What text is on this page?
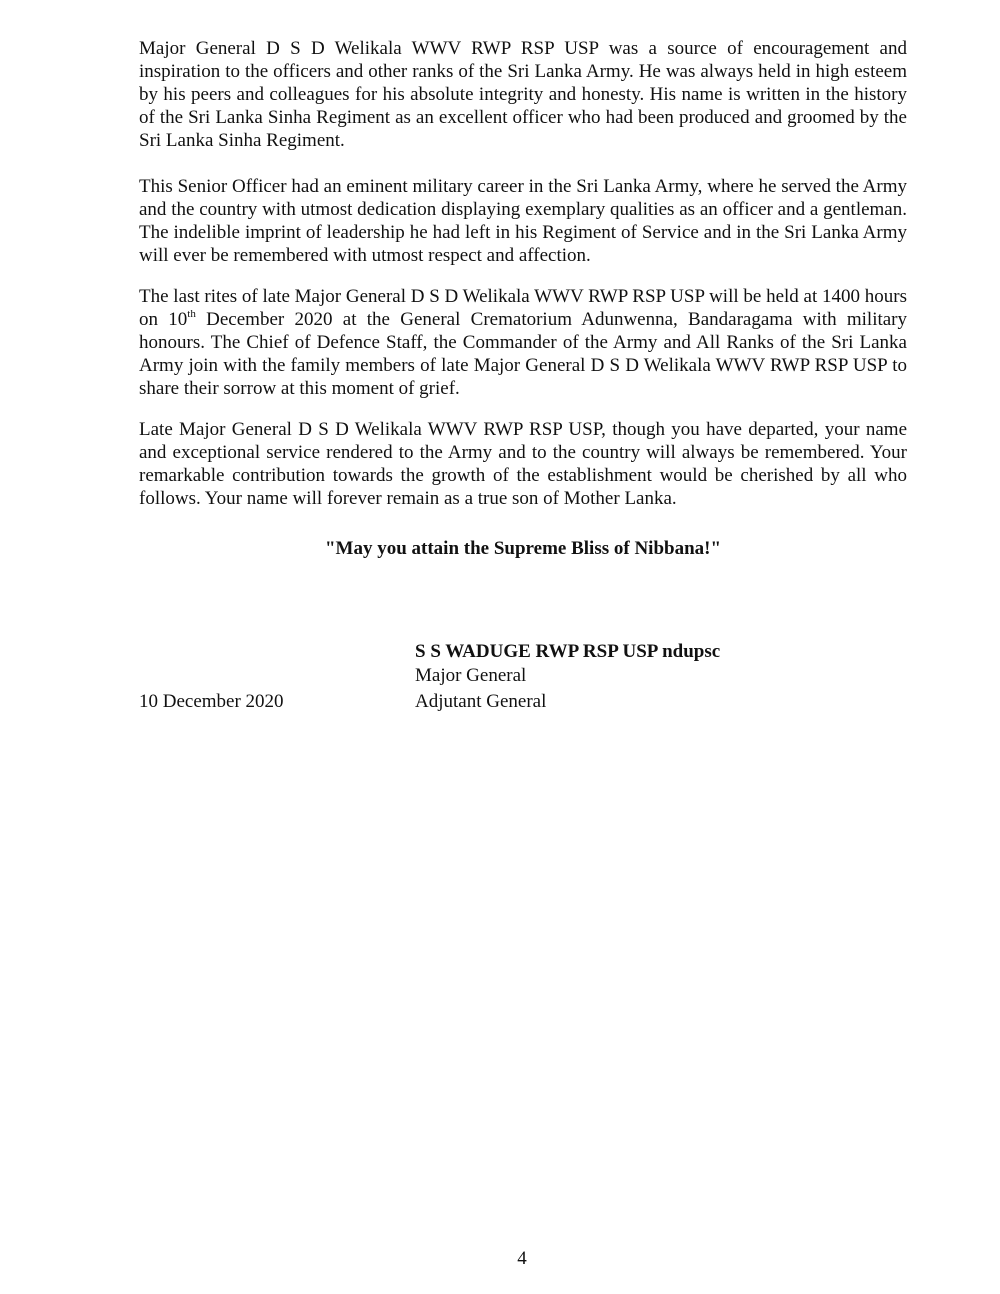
Major General D S D Welikala WWV RWP RSP USP was a source of encouragement and inspiration to the officers and other ranks of the Sri Lanka Army. He was always held in high esteem by his peers and colleagues for his absolute integrity and honesty. His name is written in the history of the Sri Lanka Sinha Regiment as an excellent officer who had been produced and groomed by the Sri Lanka Sinha Regiment.

This Senior Officer had an eminent military career in the Sri Lanka Army, where he served the Army and the country with utmost dedication displaying exemplary qualities as an officer and a gentleman. The indelible imprint of leadership he had left in his Regiment of Service and in the Sri Lanka Army will ever be remembered with utmost respect and affection.

The last rites of late Major General D S D Welikala WWV RWP RSP USP will be held at 1400 hours on 10th December 2020 at the General Crematorium Adunwenna, Bandaragama with military honours. The Chief of Defence Staff, the Commander of the Army and All Ranks of the Sri Lanka Army join with the family members of late Major General D S D Welikala WWV RWP RSP USP to share their sorrow at this moment of grief.

Late Major General D S D Welikala WWV RWP RSP USP, though you have departed, your name and exceptional service rendered to the Army and to the country will always be remembered. Your remarkable contribution towards the growth of the establishment would be cherished by all who follows. Your name will forever remain as a true son of Mother Lanka.

"May you attain the Supreme Bliss of Nibbana!"

S S WADUGE RWP RSP USP ndupsc
Major General
10 December 2020	Adjutant General
4
